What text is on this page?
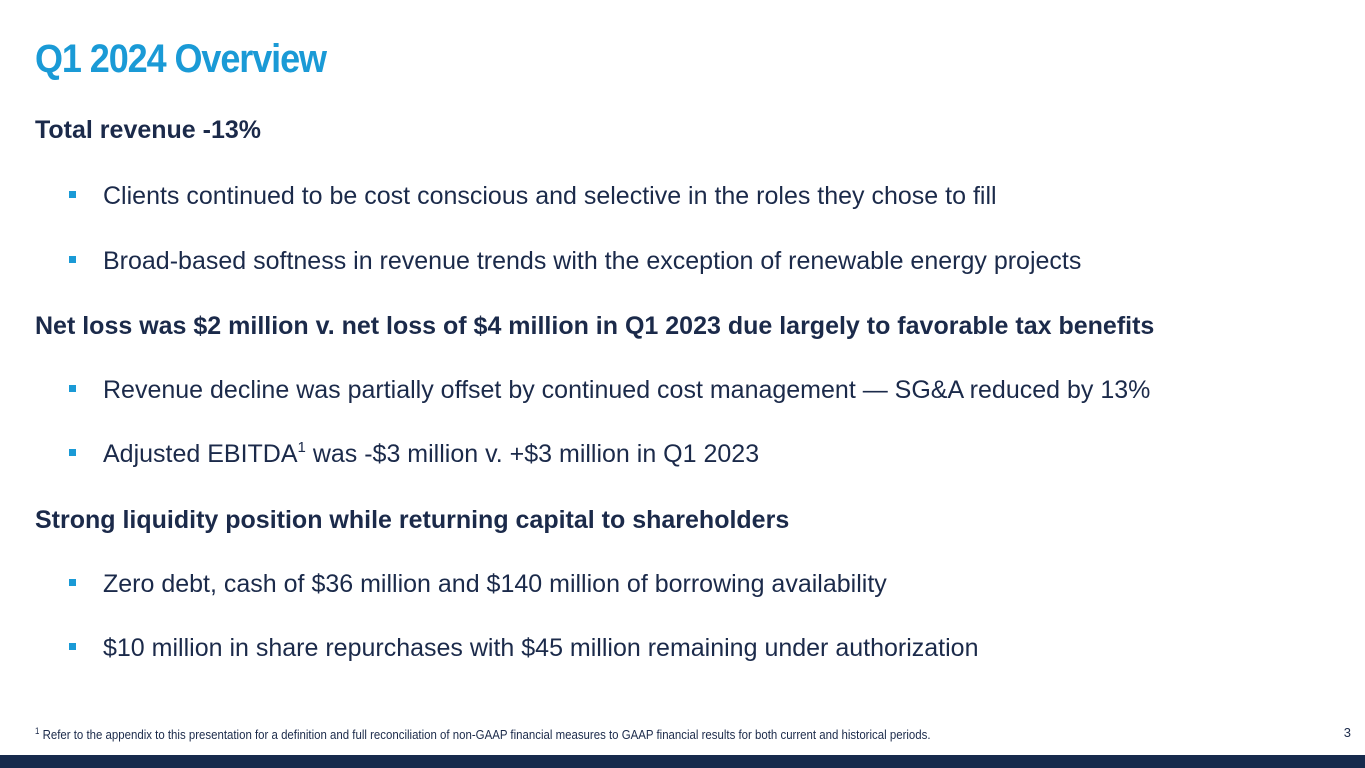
Q1 2024 Overview
Total revenue -13%
Clients continued to be cost conscious and selective in the roles they chose to fill
Broad-based softness in revenue trends with the exception of renewable energy projects
Net loss was $2 million v. net loss of $4 million in Q1 2023 due largely to favorable tax benefits
Revenue decline was partially offset by continued cost management — SG&A reduced by 13%
Adjusted EBITDA$^1$ was -$3 million v. +$3 million in Q1 2023
Strong liquidity position while returning capital to shareholders
Zero debt, cash of $36 million and $140 million of borrowing availability
$10 million in share repurchases with $45 million remaining under authorization
$^1$ Refer to the appendix to this presentation for a definition and full reconciliation of non-GAAP financial measures to GAAP financial results for both current and historical periods.	3
